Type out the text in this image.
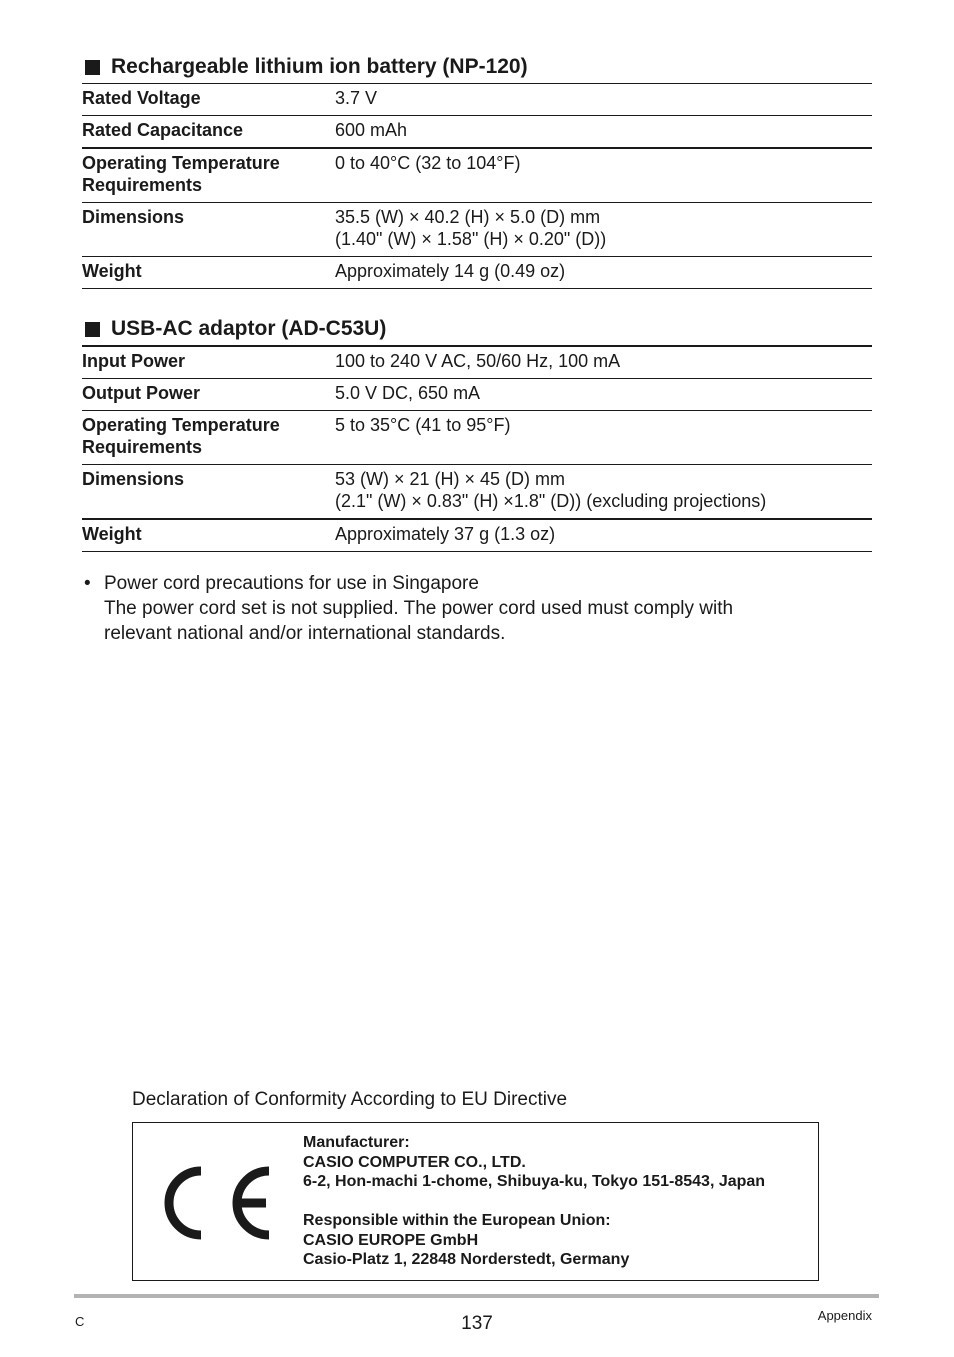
Rechargeable lithium ion battery (NP-120)
Rated Voltage	3.7 V

Rated Capacitance	600 mAh

Operating Temperature
Requirements	0 to 40°C (32 to 104°F)

Dimensions	35.5 (W) × 40.2 (H) × 5.0 (D) mm
(1.40" (W) × 1.58" (H) × 0.20" (D))

Weight	Approximately 14 g (0.49 oz)
USB-AC adaptor (AD-C53U)
Input Power	100 to 240 V AC, 50/60 Hz, 100 mA

Output Power	5.0 V DC, 650 mA

Operating Temperature
Requirements	5 to 35°C (41 to 95°F)

Dimensions	53 (W) × 21 (H) × 45 (D) mm
(2.1" (W) × 0.83" (H) ×1.8" (D)) (excluding projections)

Weight	Approximately 37 g (1.3 oz)
• Power cord precautions for use in Singapore
The power cord set is not supplied. The power cord used must comply with
relevant national and/or international standards.
Declaration of Conformity According to EU Directive
Manufacturer:
CASIO COMPUTER CO., LTD.
6-2, Hon-machi 1-chome, Shibuya-ku, Tokyo 151-8543, Japan
Responsible within the European Union:
CASIO EUROPE GmbH
Casio-Platz 1, 22848 Norderstedt, Germany
C	137	Appendix
